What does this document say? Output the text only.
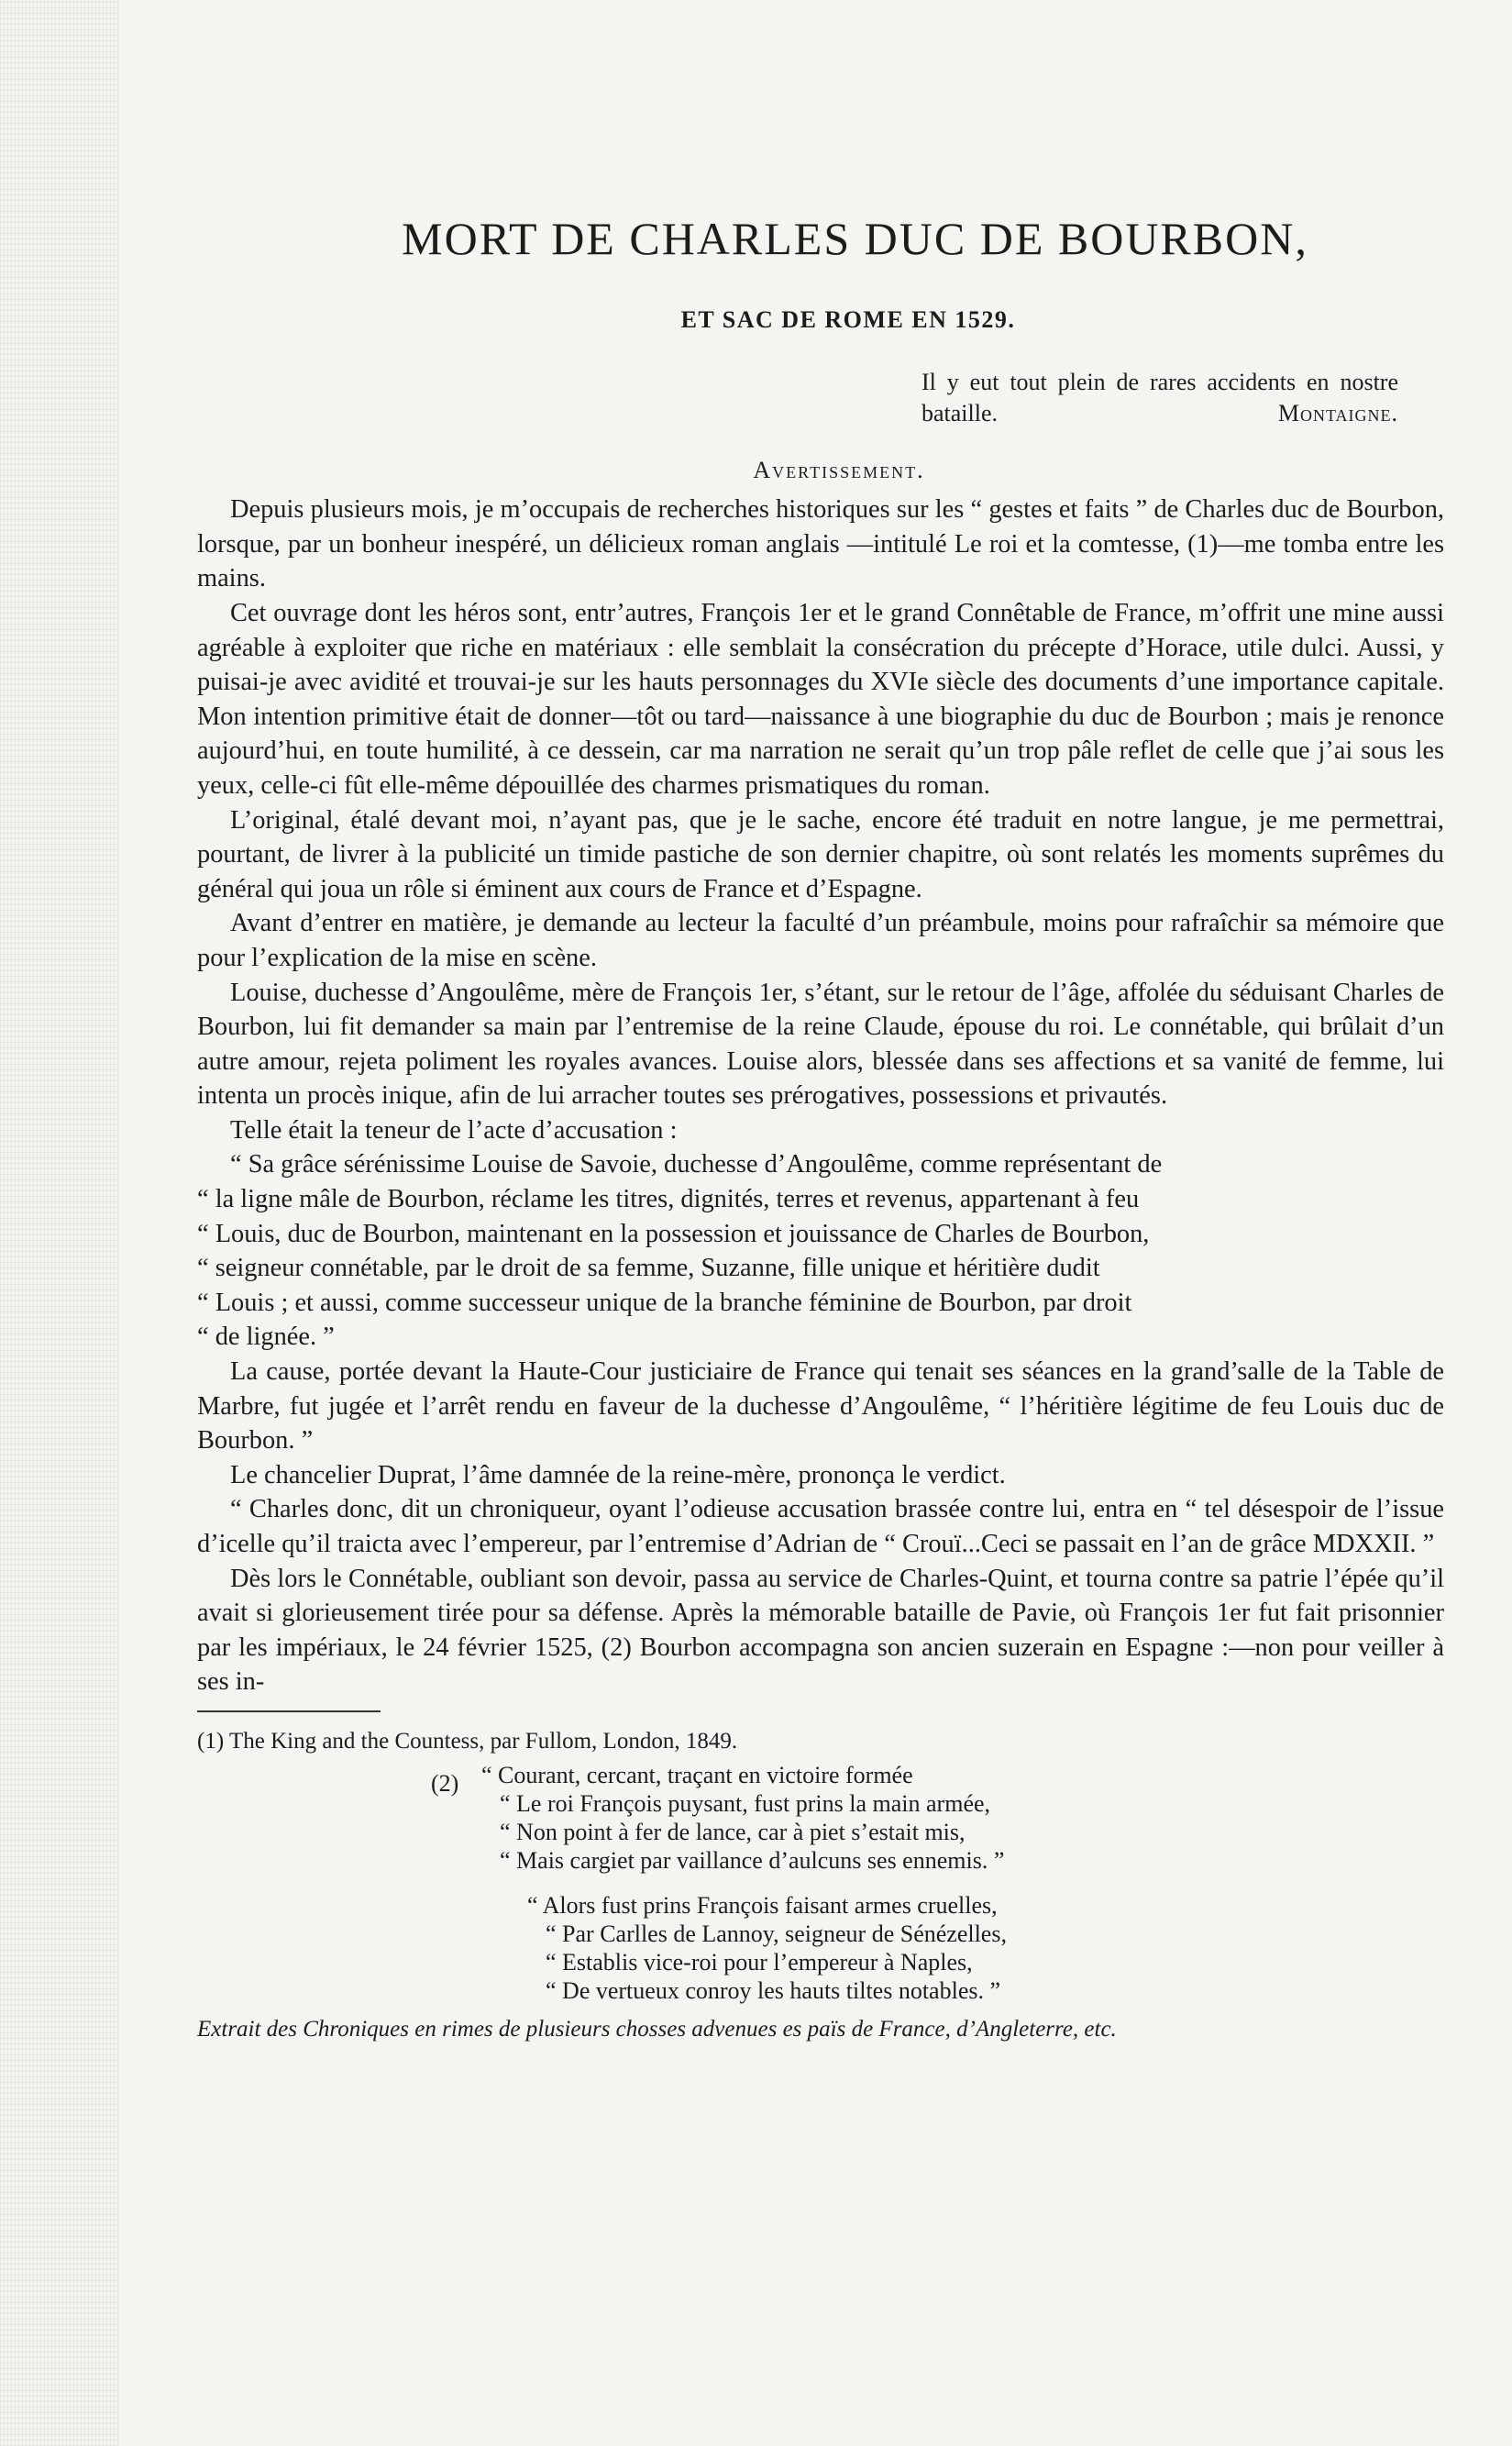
MORT DE CHARLES DUC DE BOURBON,
ET SAC DE ROME EN 1529.
Il y eut tout plein de rares accidents en nostre bataille.	Montaigne.
Avertissement.

Depuis plusieurs mois, je m’occupais de recherches historiques sur les “ gestes et faits ” de Charles duc de Bourbon, lorsque, par un bonheur inespéré, un délicieux roman anglais —intitulé Le roi et la comtesse, (1)—me tomba entre les mains.

Cet ouvrage dont les héros sont, entr’autres, François 1er et le grand Connêtable de France, m’offrit une mine aussi agréable à exploiter que riche en matériaux : elle semblait la consécration du précepte d’Horace, utile dulci. Aussi, y puisai-je avec avidité et trouvai-je sur les hauts personnages du XVIe siècle des documents d’une importance capitale. Mon intention primitive était de donner—tôt ou tard—naissance à une biographie du duc de Bourbon ; mais je renonce aujourd’hui, en toute humilité, à ce dessein, car ma narration ne serait qu’un trop pâle reflet de celle que j’ai sous les yeux, celle-ci fût elle-même dépouillée des charmes prismatiques du roman.

L’original, étalé devant moi, n’ayant pas, que je le sache, encore été traduit en notre langue, je me permettrai, pourtant, de livrer à la publicité un timide pastiche de son dernier chapitre, où sont relatés les moments suprêmes du général qui joua un rôle si éminent aux cours de France et d’Espagne.

Avant d’entrer en matière, je demande au lecteur la faculté d’un préambule, moins pour rafraîchir sa mémoire que pour l’explication de la mise en scène.

Louise, duchesse d’Angoulême, mère de François 1er, s’étant, sur le retour de l’âge, affolée du séduisant Charles de Bourbon, lui fit demander sa main par l’entremise de la reine Claude, épouse du roi. Le connétable, qui brûlait d’un autre amour, rejeta poliment les royales avances. Louise alors, blessée dans ses affections et sa vanité de femme, lui intenta un procès inique, afin de lui arracher toutes ses prérogatives, possessions et privautés.

Telle était la teneur de l’acte d’accusation :

“ Sa grâce sérénissime Louise de Savoie, duchesse d’Angoulême, comme représentant de

“ la ligne mâle de Bourbon, réclame les titres, dignités, terres et revenus, appartenant à feu

“ Louis, duc de Bourbon, maintenant en la possession et jouissance de Charles de Bourbon,

“ seigneur connétable, par le droit de sa femme, Suzanne, fille unique et héritière dudit

“ Louis ; et aussi, comme successeur unique de la branche féminine de Bourbon, par droit

“ de lignée. ”

La cause, portée devant la Haute-Cour justiciaire de France qui tenait ses séances en la grand’salle de la Table de Marbre, fut jugée et l’arrêt rendu en faveur de la duchesse d’Angoulême, “ l’héritière légitime de feu Louis duc de Bourbon. ”

Le chancelier Duprat, l’âme damnée de la reine-mère, prononça le verdict.

“ Charles donc, dit un chroniqueur, oyant l’odieuse accusation brassée contre lui, entra en “ tel désespoir de l’issue d’icelle qu’il traicta avec l’empereur, par l’entremise d’Adrian de “ Crouï...Ceci se passait en l’an de grâce MDXXII. ”

Dès lors le Connétable, oubliant son devoir, passa au service de Charles-Quint, et tourna contre sa patrie l’épée qu’il avait si glorieusement tirée pour sa défense. Après la mémorable bataille de Pavie, où François 1er fut fait prisonnier par les impériaux, le 24 février 1525, (2) Bourbon accompagna son ancien suzerain en Espagne :—non pour veiller à ses in-

(1) The King and the Countess, par Fullom, London, 1849.

(2) “ Courant, cercant, traçant en victoire formée
“ Le roi François puysant, fust prins la main armée,
“ Non point à fer de lance, car à piet s’estait mis,
“ Mais cargiet par vaillance d’aulcuns ses ennemis. ”
“ Alors fust prins François faisant armes cruelles,
“ Par Carlles de Lannoy, seigneur de Sénézelles,
“ Establis vice-roi pour l’empereur à Naples,
“ De vertueux conroy les hauts tiltes notables. ”

Extrait des Chroniques en rimes de plusieurs chosses advenues es païs de France, d’Angleterre, etc.
